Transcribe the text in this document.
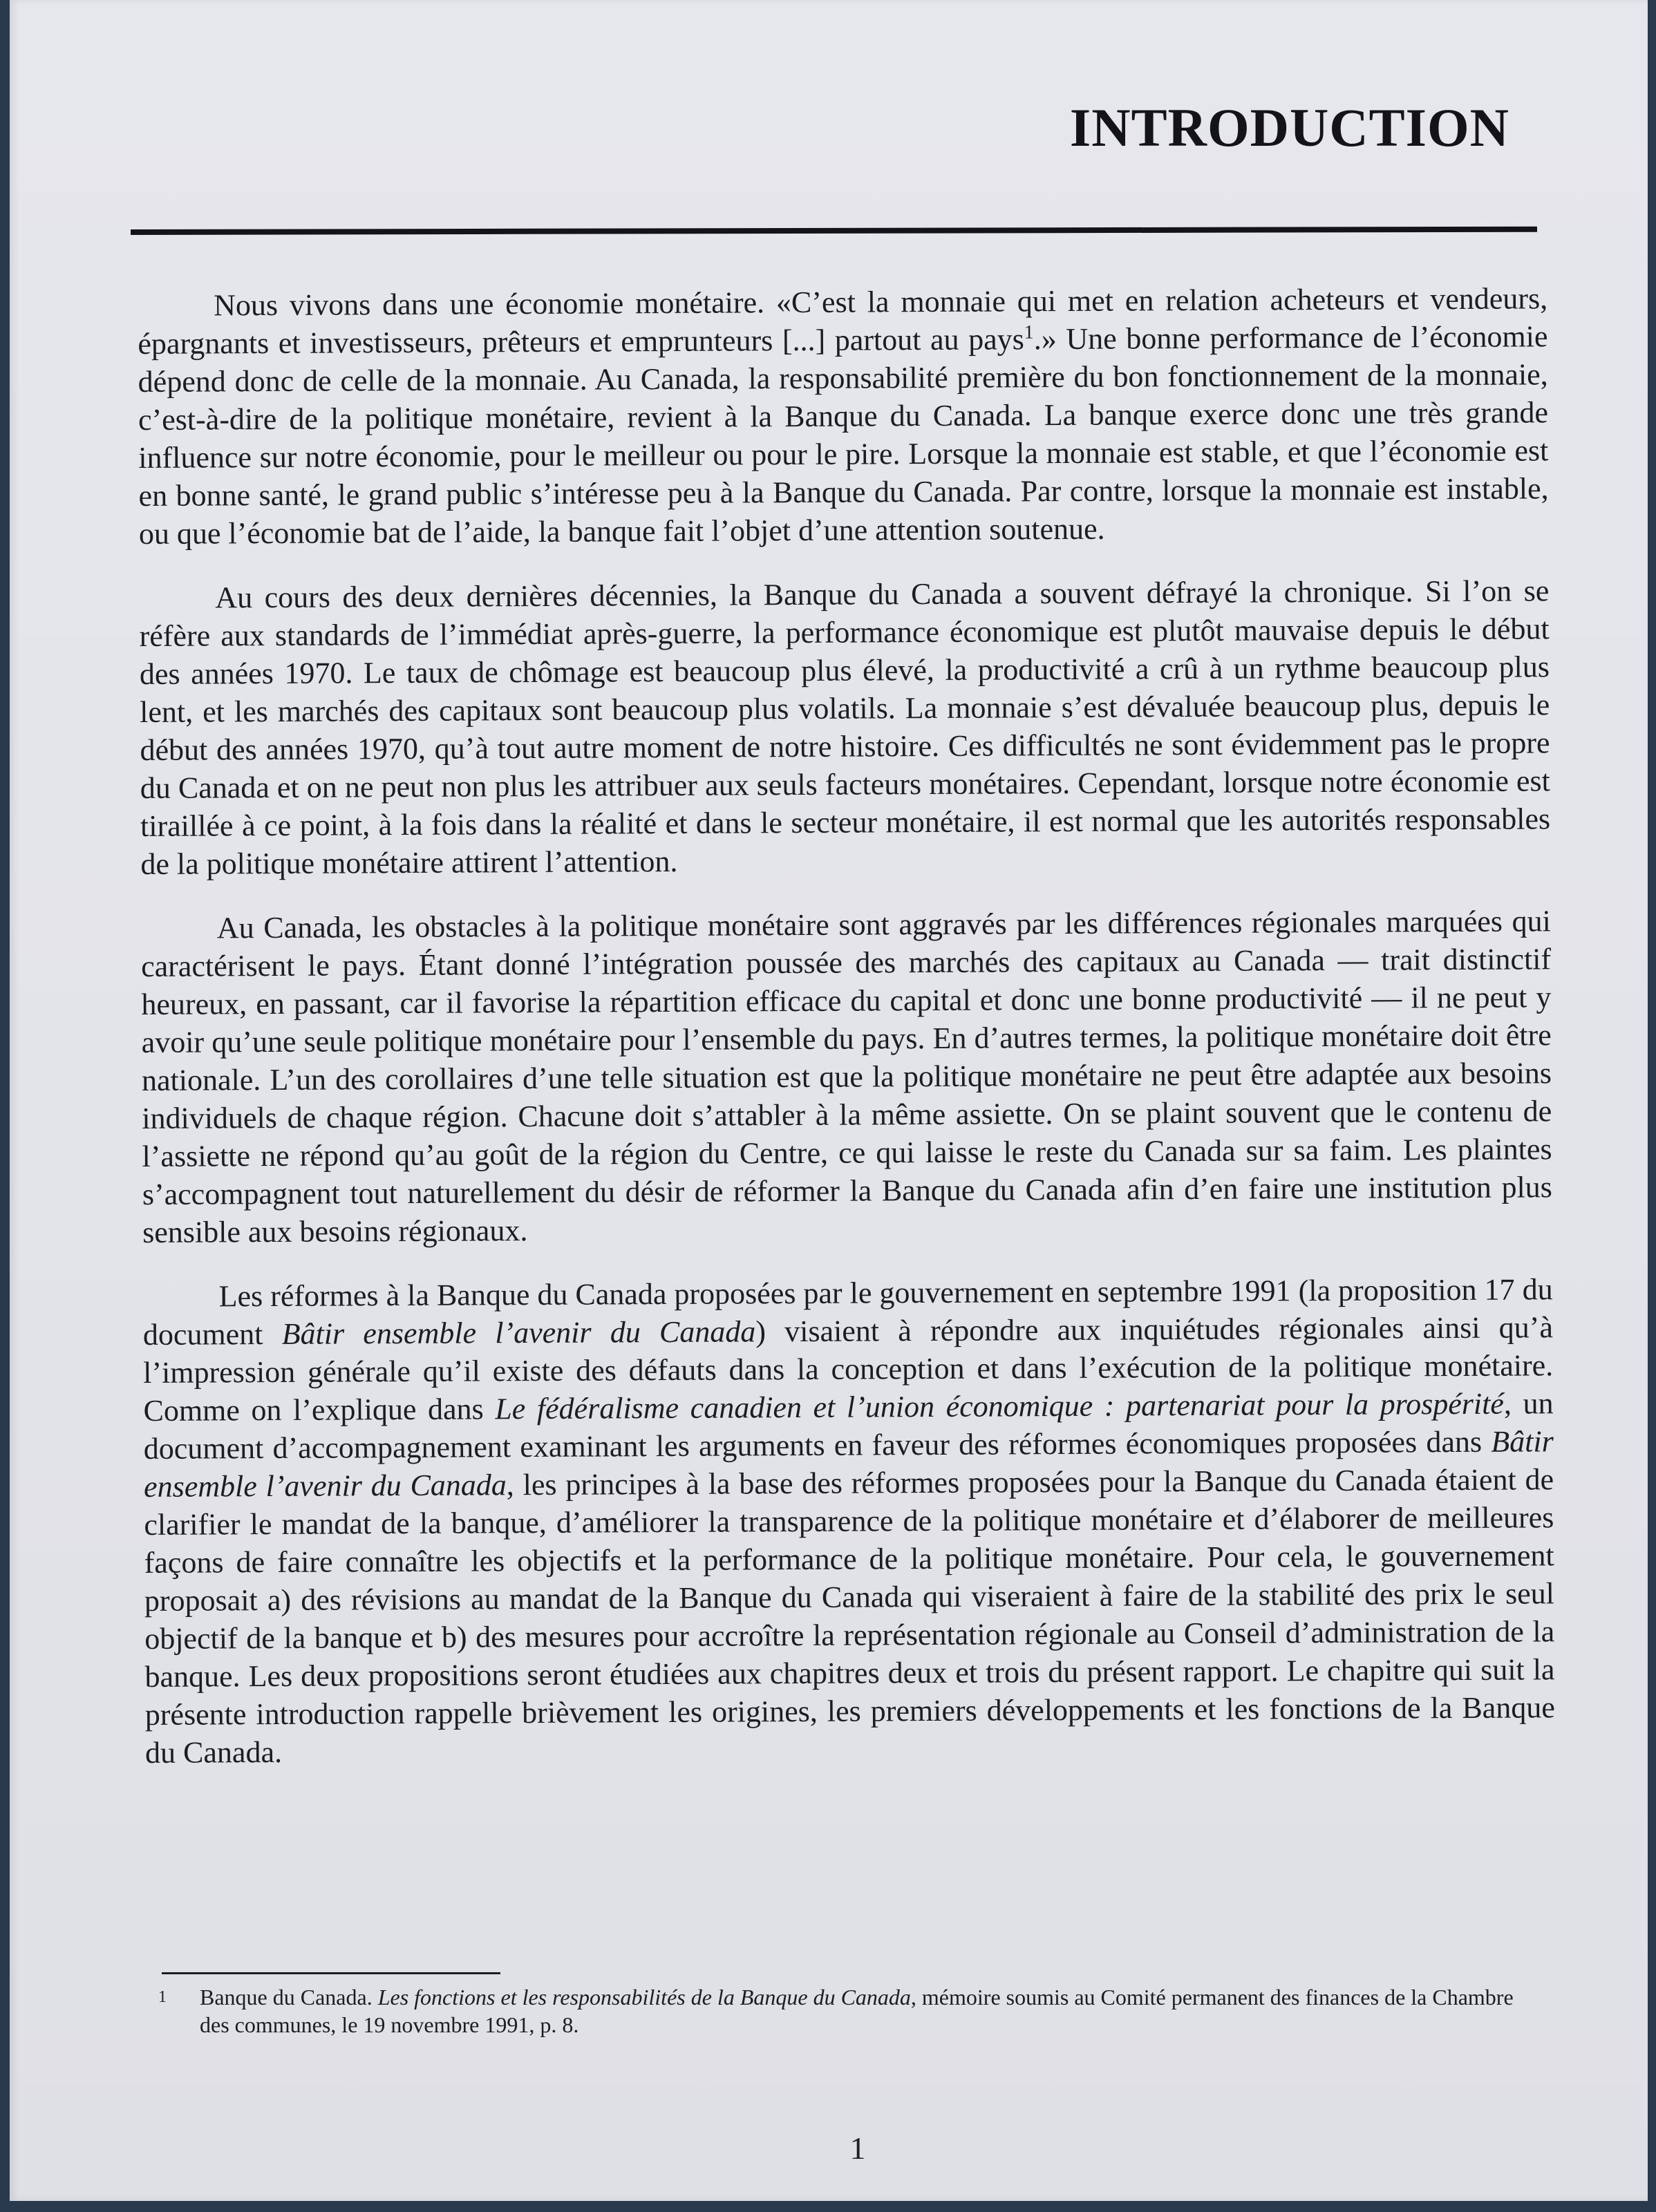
INTRODUCTION

Nous vivons dans une économie monétaire. «C’est la monnaie qui met en relation acheteurs et vendeurs, épargnants et investisseurs, prêteurs et emprunteurs [...] partout au pays$^1$.» Une bonne performance de l’économie dépend donc de celle de la monnaie. Au Canada, la responsabilité première du bon fonctionnement de la monnaie, c’est-à-dire de la politique monétaire, revient à la Banque du Canada. La banque exerce donc une très grande influence sur notre économie, pour le meilleur ou pour le pire. Lorsque la monnaie est stable, et que l’économie est en bonne santé, le grand public s’intéresse peu à la Banque du Canada. Par contre, lorsque la monnaie est instable, ou que l’économie bat de l’aide, la banque fait l’objet d’une attention soutenue.

Au cours des deux dernières décennies, la Banque du Canada a souvent défrayé la chronique. Si l’on se réfère aux standards de l’immédiat après-guerre, la performance économique est plutôt mauvaise depuis le début des années 1970. Le taux de chômage est beaucoup plus élevé, la productivité a crû à un rythme beaucoup plus lent, et les marchés des capitaux sont beaucoup plus volatils. La monnaie s’est dévaluée beaucoup plus, depuis le début des années 1970, qu’à tout autre moment de notre histoire. Ces difficultés ne sont évidemment pas le propre du Canada et on ne peut non plus les attribuer aux seuls facteurs monétaires. Cependant, lorsque notre économie est tiraillée à ce point, à la fois dans la réalité et dans le secteur monétaire, il est normal que les autorités responsables de la politique monétaire attirent l’attention.

Au Canada, les obstacles à la politique monétaire sont aggravés par les différences régionales marquées qui caractérisent le pays. Étant donné l’intégration poussée des marchés des capitaux au Canada — trait distinctif heureux, en passant, car il favorise la répartition efficace du capital et donc une bonne productivité — il ne peut y avoir qu’une seule politique monétaire pour l’ensemble du pays. En d’autres termes, la politique monétaire doit être nationale. L’un des corollaires d’une telle situation est que la politique monétaire ne peut être adaptée aux besoins individuels de chaque région. Chacune doit s’attabler à la même assiette. On se plaint souvent que le contenu de l’assiette ne répond qu’au goût de la région du Centre, ce qui laisse le reste du Canada sur sa faim. Les plaintes s’accompagnent tout naturellement du désir de réformer la Banque du Canada afin d’en faire une institution plus sensible aux besoins régionaux.

Les réformes à la Banque du Canada proposées par le gouvernement en septembre 1991 (la proposition 17 du document Bâtir ensemble l’avenir du Canada) visaient à répondre aux inquiétudes régionales ainsi qu’à l’impression générale qu’il existe des défauts dans la conception et dans l’exécution de la politique monétaire. Comme on l’explique dans Le fédéralisme canadien et l’union économique : partenariat pour la prospérité, un document d’accompagnement examinant les arguments en faveur des réformes économiques proposées dans Bâtir ensemble l’avenir du Canada, les principes à la base des réformes proposées pour la Banque du Canada étaient de clarifier le mandat de la banque, d’améliorer la transparence de la politique monétaire et d’élaborer de meilleures façons de faire connaître les objectifs et la performance de la politique monétaire. Pour cela, le gouvernement proposait a) des révisions au mandat de la Banque du Canada qui viseraient à faire de la stabilité des prix le seul objectif de la banque et b) des mesures pour accroître la représentation régionale au Conseil d’administration de la banque. Les deux propositions seront étudiées aux chapitres deux et trois du présent rapport. Le chapitre qui suit la présente introduction rappelle brièvement les origines, les premiers développements et les fonctions de la Banque du Canada.

1	Banque du Canada. Les fonctions et les responsabilités de la Banque du Canada, mémoire soumis au Comité permanent des finances de la Chambre des communes, le 19 novembre 1991, p. 8.
1
